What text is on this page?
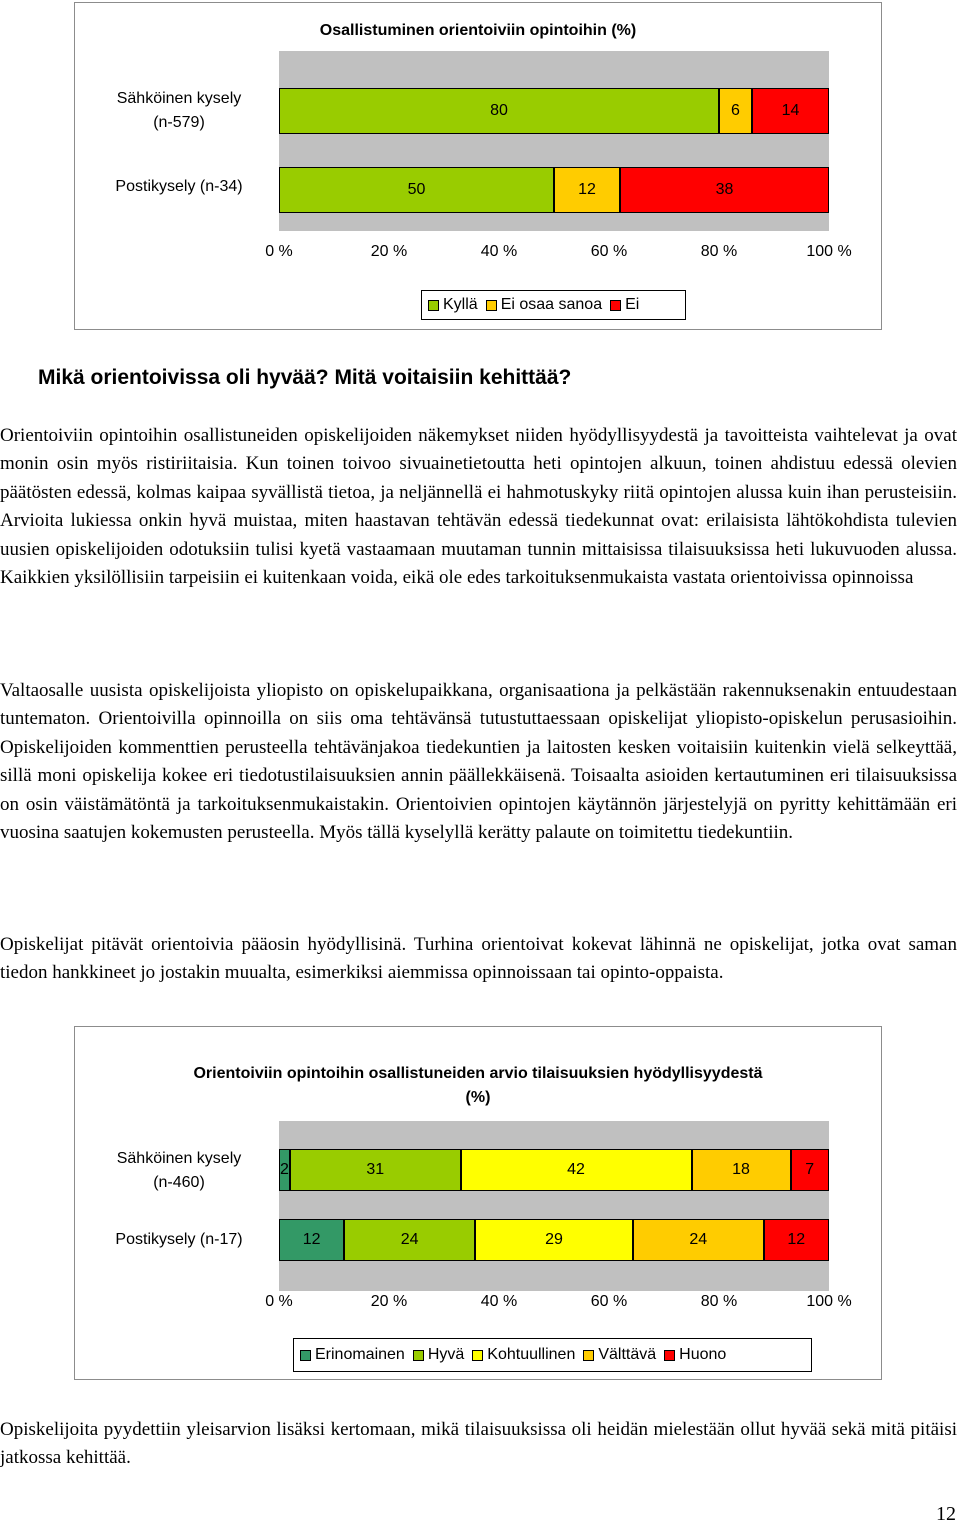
Osallistuminen orientoiviin opintoihin (%)
Sähköinen kysely
(n-579)
Postikysely (n-34)
80	6	14
50	12	38
0 %	20 %	40 %	60 %	80 %	100 %
Kyllä Ei osaa sanoa Ei
Mikä orientoivissa oli hyvää? Mitä voitaisiin kehittää?

Orientoiviin opintoihin osallistuneiden opiskelijoiden näkemykset niiden hyödyllisyydestä ja tavoitteista vaihtelevat ja ovat monin osin myös ristiriitaisia. Kun toinen toivoo sivuainetietoutta heti opintojen alkuun, toinen ahdistuu edessä olevien päätösten edessä, kolmas kaipaa syvällistä tietoa, ja neljännellä ei hahmotuskyky riitä opintojen alussa kuin ihan perusteisiin. Arvioita lukiessa onkin hyvä muistaa, miten haastavan tehtävän edessä tiedekunnat ovat: erilaisista lähtökohdista tulevien uusien opiskelijoiden odotuksiin tulisi kyetä vastaamaan muutaman tunnin mittaisissa tilaisuuksissa heti lukuvuoden alussa. Kaikkien yksilöllisiin tarpeisiin ei kuitenkaan voida, eikä ole edes tarkoituksenmukaista vastata orientoivissa opinnoissa

Valtaosalle uusista opiskelijoista yliopisto on opiskelupaikkana, organisaationa ja pelkästään rakennuksenakin entuudestaan tuntematon. Orientoivilla opinnoilla on siis oma tehtävänsä tutustuttaessaan opiskelijat yliopisto-opiskelun perusasioihin. Opiskelijoiden kommenttien perusteella tehtävänjakoa tiedekuntien ja laitosten kesken voitaisiin kuitenkin vielä selkeyttää, sillä moni opiskelija kokee eri tiedotustilaisuuksien annin päällekkäisenä. Toisaalta asioiden kertautuminen eri tilaisuuksissa on osin väistämätöntä ja tarkoituksenmukaistakin. Orientoivien opintojen käytännön järjestelyjä on pyritty kehittämään eri vuosina saatujen kokemusten perusteella. Myös tällä kyselyllä kerätty palaute on toimitettu tiedekuntiin.

Opiskelijat pitävät orientoivia pääosin hyödyllisinä. Turhina orientoivat kokevat lähinnä ne opiskelijat, jotka ovat saman tiedon hankkineet jo jostakin muualta, esimerkiksi aiemmissa opinnoissaan tai opinto-oppaista.

Orientoiviin opintoihin osallistuneiden arvio tilaisuuksien hyödyllisyydestä
(%)
Sähköinen kysely
(n-460)
Postikysely (n-17)
2	31	42	18	7
12	24	29	24	12
0 %	20 %	40 %	60 %	80 %	100 %
Erinomainen Hyvä Kohtuullinen Välttävä Huono

Opiskelijoita pyydettiin yleisarvion lisäksi kertomaan, mikä tilaisuuksissa oli heidän mielestään ollut hyvää sekä mitä pitäisi jatkossa kehittää.

12
